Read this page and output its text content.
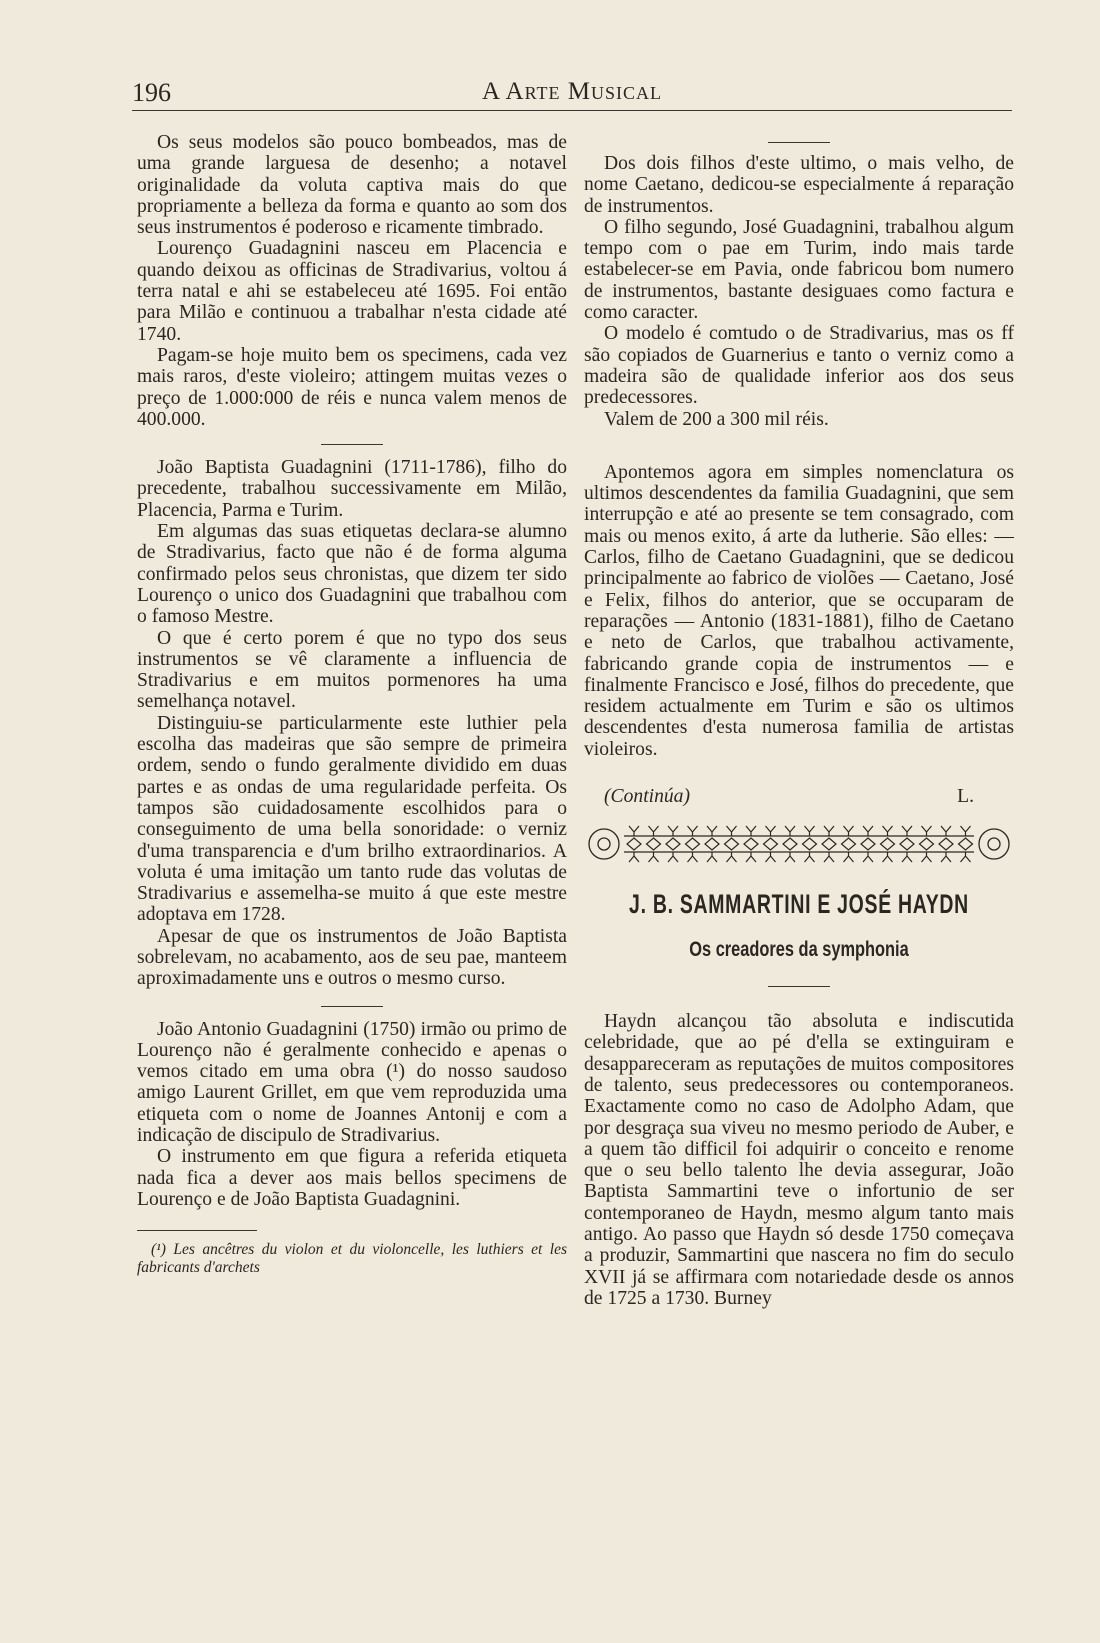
196	A Arte Musical

Os seus modelos são pouco bombeados, mas de uma grande larguesa de desenho; a notavel originalidade da voluta captiva mais do que propriamente a belleza da forma e quanto ao som dos seus instrumentos é poderoso e ricamente timbrado.

Lourenço Guadagnini nasceu em Placencia e quando deixou as officinas de Stradivarius, voltou á terra natal e ahi se estabeleceu até 1695. Foi então para Milão e continuou a trabalhar n'esta cidade até 1740.

Pagam-se hoje muito bem os specimens, cada vez mais raros, d'este violeiro; attingem muitas vezes o preço de 1.000:000 de réis e nunca valem menos de 400.000.

João Baptista Guadagnini (1711-1786), filho do precedente, trabalhou successivamente em Milão, Placencia, Parma e Turim.

Em algumas das suas etiquetas declara-se alumno de Stradivarius, facto que não é de forma alguma confirmado pelos seus chronistas, que dizem ter sido Lourenço o unico dos Guadagnini que trabalhou com o famoso Mestre.

O que é certo porem é que no typo dos seus instrumentos se vê claramente a influencia de Stradivarius e em muitos pormenores ha uma semelhança notavel.

Distinguiu-se particularmente este luthier pela escolha das madeiras que são sempre de primeira ordem, sendo o fundo geralmente dividido em duas partes e as ondas de uma regularidade perfeita. Os tampos são cuidadosamente escolhidos para o conseguimento de uma bella sonoridade: o verniz d'uma transparencia e d'um brilho extraordinarios. A voluta é uma imitação um tanto rude das volutas de Stradivarius e assemelha-se muito á que este mestre adoptava em 1728.

Apesar de que os instrumentos de João Baptista sobrelevam, no acabamento, aos de seu pae, manteem aproximadamente uns e outros o mesmo curso.

João Antonio Guadagnini (1750) irmão ou primo de Lourenço não é geralmente conhecido e apenas o vemos citado em uma obra (¹) do nosso saudoso amigo Laurent Grillet, em que vem reproduzida uma etiqueta com o nome de Joannes Antonij e com a indicação de discipulo de Stradivarius.

O instrumento em que figura a referida etiqueta nada fica a dever aos mais bellos specimens de Lourenço e de João Baptista Guadagnini.

(¹) Les ancêtres du violon et du violoncelle, les luthiers et les fabricants d'archets

Dos dois filhos d'este ultimo, o mais velho, de nome Caetano, dedicou-se especialmente á reparação de instrumentos.

O filho segundo, José Guadagnini, trabalhou algum tempo com o pae em Turim, indo mais tarde estabelecer-se em Pavia, onde fabricou bom numero de instrumentos, bastante desiguaes como factura e como caracter.

O modelo é comtudo o de Stradivarius, mas os ff são copiados de Guarnerius e tanto o verniz como a madeira são de qualidade inferior aos dos seus predecessores.

Valem de 200 a 300 mil réis.

Apontemos agora em simples nomenclatura os ultimos descendentes da familia Guadagnini, que sem interrupção e até ao presente se tem consagrado, com mais ou menos exito, á arte da lutherie. São elles: — Carlos, filho de Caetano Guadagnini, que se dedicou principalmente ao fabrico de violões — Caetano, José e Felix, filhos do anterior, que se occuparam de reparações — Antonio (1831-1881), filho de Caetano e neto de Carlos, que trabalhou activamente, fabricando grande copia de instrumentos — e finalmente Francisco e José, filhos do precedente, que residem actualmente em Turim e são os ultimos descendentes d'esta numerosa familia de artistas violeiros.

(Continúa)	L.
J. B. SAMMARTINI E JOSÉ HAYDN
Os creadores da symphonia

Haydn alcançou tão absoluta e indiscutida celebridade, que ao pé d'ella se extinguiram e desappareceram as reputações de muitos compositores de talento, seus predecessores ou contemporaneos. Exactamente como no caso de Adolpho Adam, que por desgraça sua viveu no mesmo periodo de Auber, e a quem tão difficil foi adquirir o conceito e renome que o seu bello talento lhe devia assegurar, João Baptista Sammartini teve o infortunio de ser contemporaneo de Haydn, mesmo algum tanto mais antigo. Ao passo que Haydn só desde 1750 começava a produzir, Sammartini que nascera no fim do seculo XVII já se affirmara com notariedade desde os annos de 1725 a 1730. Burney
